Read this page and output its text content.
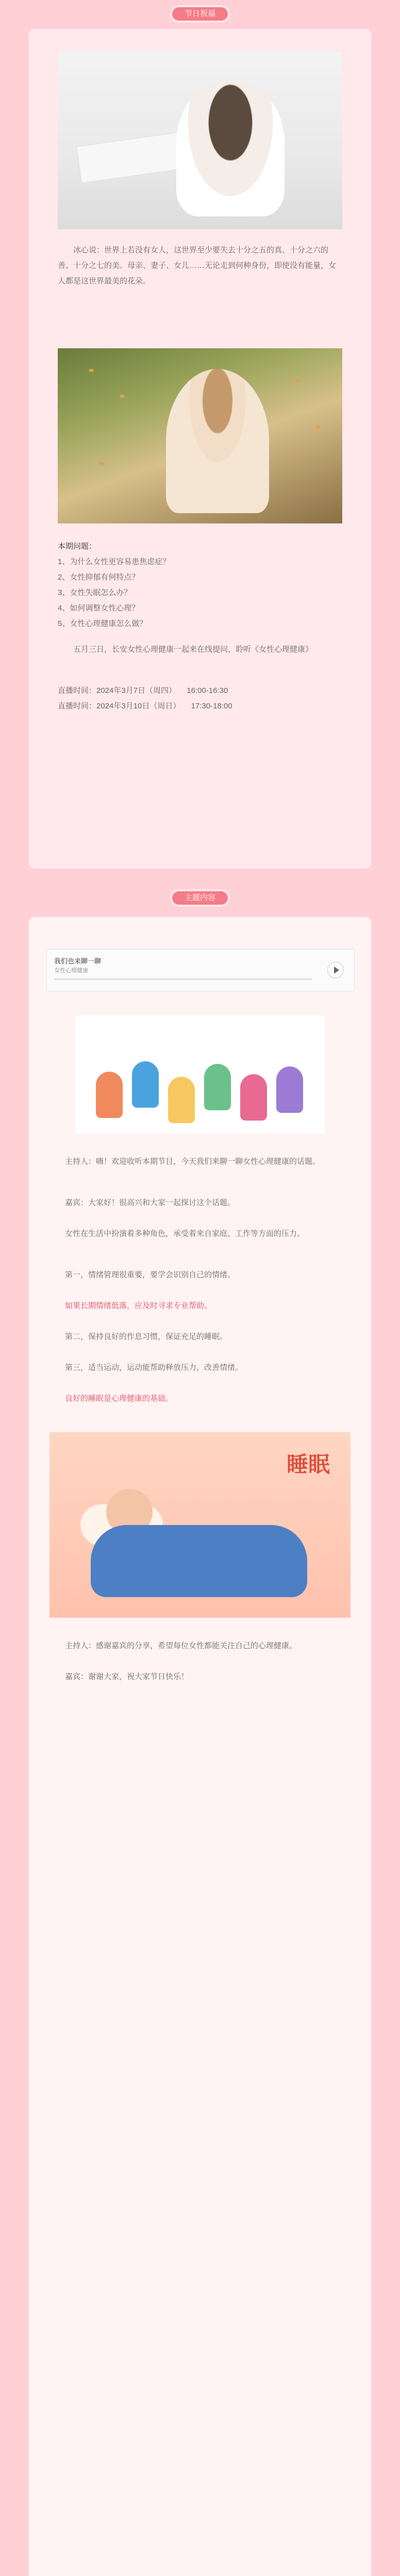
节日祝福

冰心说：世界上若没有女人，这世界至少要失去十分之五的真、十分之六的善、十分之七的美。母亲、妻子、女儿……无论走到何种身份，即使没有能量，女人都是这世界最美的花朵。

本期问题：
1、为什么女性更容易患焦虑症？
2、女性抑郁有何特点？
3、女性失眠怎么办？
4、如何调整女性心理？
5、女性心理健康怎么做？

五月三日，长安女性心理健康一起来在线提问，聆听《女性心理健康》

直播时间：2024年3月7日（周四） 16:00-16:30
直播时间：2024年3月10日（周日） 17:30-18:00
主题内容
我们也来聊一聊
女性心理健康

主持人：嗨！欢迎收听本期节目，今天我们来聊一聊女性心理健康的话题。

嘉宾：大家好！很高兴和大家一起探讨这个话题。

女性在生活中扮演着多种角色，承受着来自家庭、工作等方面的压力。

第一，情绪管理很重要，要学会识别自己的情绪。

如果长期情绪低落，应及时寻求专业帮助。

第二，保持良好的作息习惯，保证充足的睡眠。

第三，适当运动，运动能帮助释放压力，改善情绪。

良好的睡眠是心理健康的基础。

睡眠

主持人：感谢嘉宾的分享，希望每位女性都能关注自己的心理健康。

嘉宾：谢谢大家，祝大家节日快乐！
